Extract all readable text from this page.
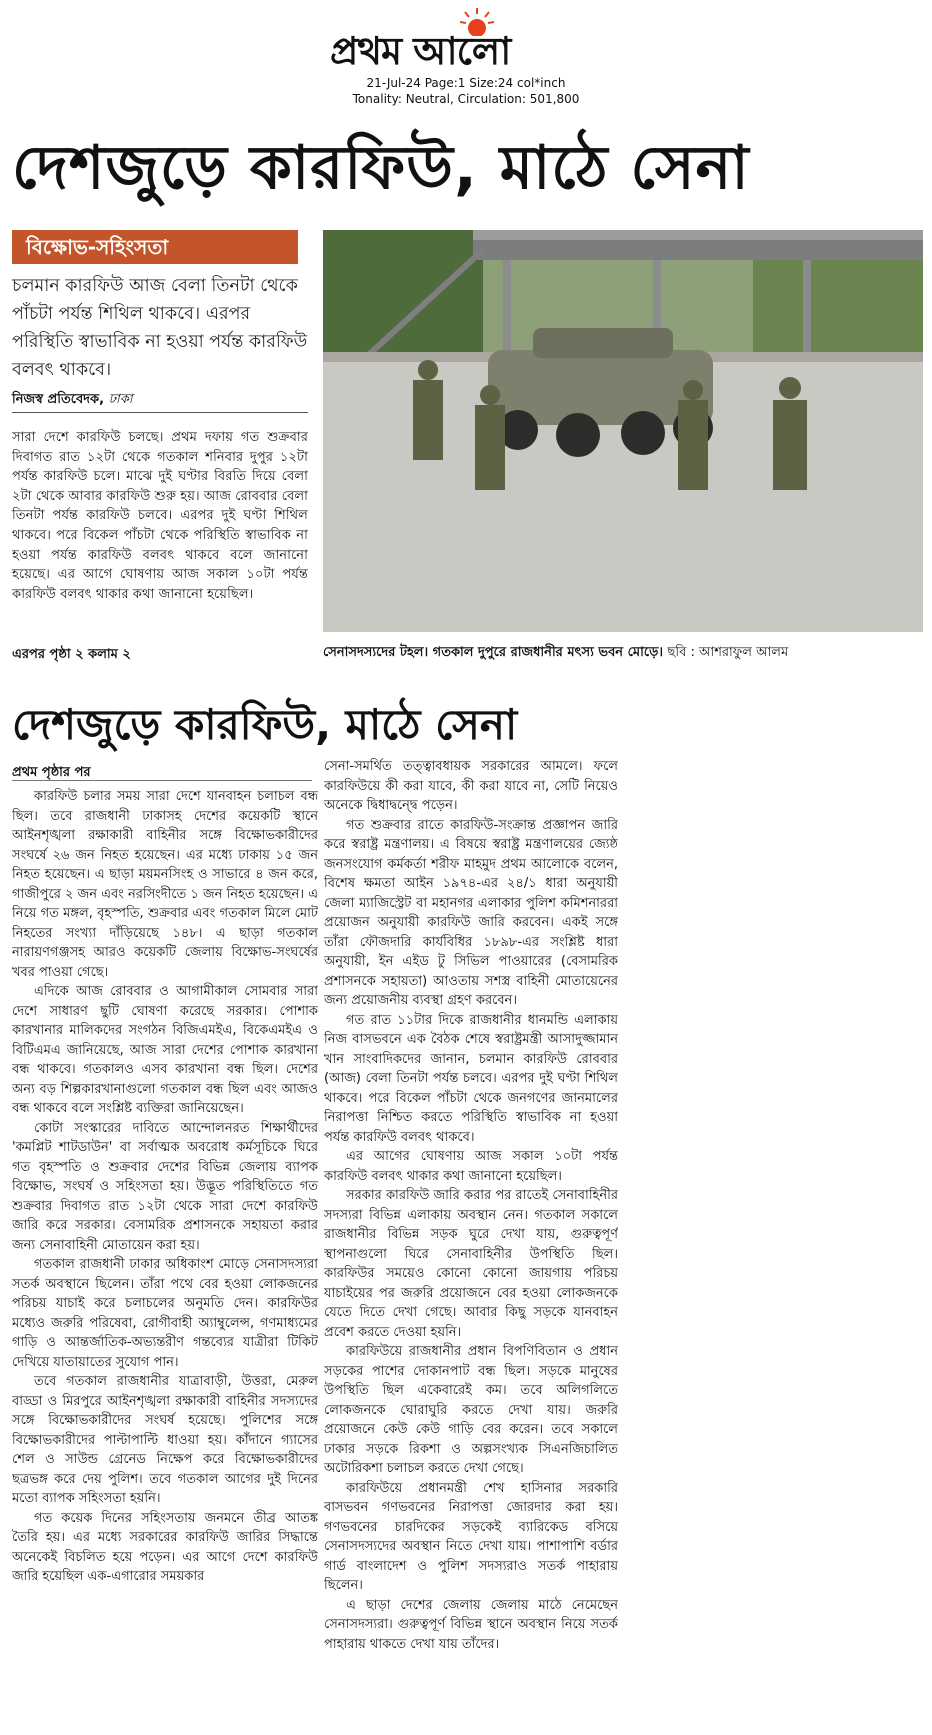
প্রথম আলো
21-Jul-24 Page:1 Size:24 col*inch
Tonality: Neutral, Circulation: 501,800
দেশজুড়ে কারফিউ, মাঠে সেনা
বিক্ষোভ-সহিংসতা
চলমান কারফিউ আজ বেলা তিনটা থেকে পাঁচটা পর্যন্ত শিথিল থাকবে। এরপর পরিস্থিতি স্বাভাবিক না হওয়া পর্যন্ত কারফিউ বলবৎ থাকবে।
নিজস্ব প্রতিবেদক, ঢাকা
সারা দেশে কারফিউ চলছে। প্রথম দফায় গত শুক্রবার দিবাগত রাত ১২টা থেকে গতকাল শনিবার দুপুর ১২টা পর্যন্ত কারফিউ চলে। মাঝে দুই ঘণ্টার বিরতি দিয়ে বেলা ২টা থেকে আবার কারফিউ শুরু হয়। আজ রোববার বেলা তিনটা পর্যন্ত কারফিউ চলবে। এরপর দুই ঘণ্টা শিথিল থাকবে। পরে বিকেল পাঁচটা থেকে পরিস্থিতি স্বাভাবিক না হওয়া পর্যন্ত কারফিউ বলবৎ থাকবে বলে জানানো হয়েছে। এর আগে ঘোষণায় আজ সকাল ১০টা পর্যন্ত কারফিউ বলবৎ থাকার কথা জানানো হয়েছিল।
এরপর পৃষ্ঠা ২ কলাম ২	সেনাসদস্যদের টহল। গতকাল দুপুরে রাজধানীর মৎস্য ভবন মোড়ে। ছবি : আশরাফুল আলম
দেশজুড়ে কারফিউ, মাঠে সেনা
প্রথম পৃষ্ঠার পর

কারফিউ চলার সময় সারা দেশে যানবাহন চলাচল বন্ধ ছিল। তবে রাজধানী ঢাকাসহ দেশের কয়েকটি স্থানে আইনশৃঙ্খলা রক্ষাকারী বাহিনীর সঙ্গে বিক্ষোভকারীদের সংঘর্ষে ২৬ জন নিহত হয়েছেন। এর মধ্যে ঢাকায় ১৫ জন নিহত হয়েছেন। এ ছাড়া ময়মনসিংহ ও সাভারে ৪ জন করে, গাজীপুরে ২ জন এবং নরসিংদীতে ১ জন নিহত হয়েছেন। এ নিয়ে গত মঙ্গল, বৃহস্পতি, শুক্রবার এবং গতকাল মিলে মোট নিহতের সংখ্যা দাঁড়িয়েছে ১৪৮। এ ছাড়া গতকাল নারায়ণগঞ্জসহ আরও কয়েকটি জেলায় বিক্ষোভ-সংঘর্ষের খবর পাওয়া গেছে।

এদিকে আজ রোববার ও আগামীকাল সোমবার সারা দেশে সাধারণ ছুটি ঘোষণা করেছে সরকার। পোশাক কারখানার মালিকদের সংগঠন বিজিএমইএ, বিকেএমইএ ও বিটিএমএ জানিয়েছে, আজ সারা দেশের পোশাক কারখানা বন্ধ থাকবে। গতকালও এসব কারখানা বন্ধ ছিল। দেশের অন্য বড় শিল্পকারখানাগুলো গতকাল বন্ধ ছিল এবং আজও বন্ধ থাকবে বলে সংশ্লিষ্ট ব্যক্তিরা জানিয়েছেন।

কোটা সংস্কারের দাবিতে আন্দোলনরত শিক্ষার্থীদের 'কমপ্লিট শাটডাউন' বা সর্বাত্মক অবরোধ কর্মসূচিকে ঘিরে গত বৃহস্পতি ও শুক্রবার দেশের বিভিন্ন জেলায় ব্যাপক বিক্ষোভ, সংঘর্ষ ও সহিংসতা হয়। উদ্ভূত পরিস্থিতিতে গত শুক্রবার দিবাগত রাত ১২টা থেকে সারা দেশে কারফিউ জারি করে সরকার। বেসামরিক প্রশাসনকে সহায়তা করার জন্য সেনাবাহিনী মোতায়েন করা হয়।

গতকাল রাজধানী ঢাকার অধিকাংশ মোড়ে সেনাসদস্যরা সতর্ক অবস্থানে ছিলেন। তাঁরা পথে বের হওয়া লোকজনের পরিচয় যাচাই করে চলাচলের অনুমতি দেন। কারফিউর মধ্যেও জরুরি পরিষেবা, রোগীবাহী অ্যাম্বুলেন্স, গণমাধ্যমের গাড়ি ও আন্তর্জাতিক-অভ্যন্তরীণ গন্তব্যের যাত্রীরা টিকিট দেখিয়ে যাতায়াতের সুযোগ পান।

তবে গতকাল রাজধানীর যাত্রাবাড়ী, উত্তরা, মেরুল বাড্ডা ও মিরপুরে আইনশৃঙ্খলা রক্ষাকারী বাহিনীর সদস্যদের সঙ্গে বিক্ষোভকারীদের সংঘর্ষ হয়েছে। পুলিশের সঙ্গে বিক্ষোভকারীদের পাল্টাপাল্টি ধাওয়া হয়। কাঁদানে গ্যাসের শেল ও সাউন্ড গ্রেনেড নিক্ষেপ করে বিক্ষোভকারীদের ছত্রভঙ্গ করে দেয় পুলিশ। তবে গতকাল আগের দুই দিনের মতো ব্যাপক সহিংসতা হয়নি।

গত কয়েক দিনের সহিংসতায় জনমনে তীব্র আতঙ্ক তৈরি হয়। এর মধ্যে সরকারের কারফিউ জারির সিদ্ধান্তে অনেকেই বিচলিত হয়ে পড়েন। এর আগে দেশে কারফিউ জারি হয়েছিল এক-এগারোর সময়কার

সেনা-সমর্থিত তত্ত্বাবধায়ক সরকারের আমলে। ফলে কারফিউয়ে কী করা যাবে, কী করা যাবে না, সেটি নিয়েও অনেকে দ্বিধাদ্বন্দ্বে পড়েন।

গত শুক্রবার রাতে কারফিউ-সংক্রান্ত প্রজ্ঞাপন জারি করে স্বরাষ্ট্র মন্ত্রণালয়। এ বিষয়ে স্বরাষ্ট্র মন্ত্রণালয়ের জ্যেষ্ঠ জনসংযোগ কর্মকর্তা শরীফ মাহমুদ প্রথম আলোকে বলেন, বিশেষ ক্ষমতা আইন ১৯৭৪-এর ২৪/১ ধারা অনুযায়ী জেলা ম্যাজিস্ট্রেট বা মহানগর এলাকার পুলিশ কমিশনাররা প্রয়োজন অনুযায়ী কারফিউ জারি করবেন। একই সঙ্গে তাঁরা ফৌজদারি কার্যবিধির ১৮৯৮-এর সংশ্লিষ্ট ধারা অনুযায়ী, ইন এইড টু সিভিল পাওয়ারের (বেসামরিক প্রশাসনকে সহায়তা) আওতায় সশস্ত্র বাহিনী মোতায়েনের জন্য প্রয়োজনীয় ব্যবস্থা গ্রহণ করবেন।

গত রাত ১১টার দিকে রাজধানীর ধানমন্ডি এলাকায় নিজ বাসভবনে এক বৈঠক শেষে স্বরাষ্ট্রমন্ত্রী আসাদুজ্জামান খান সাংবাদিকদের জানান, চলমান কারফিউ রোববার (আজ) বেলা তিনটা পর্যন্ত চলবে। এরপর দুই ঘণ্টা শিথিল থাকবে। পরে বিকেল পাঁচটা থেকে জনগণের জানমালের নিরাপত্তা নিশ্চিত করতে পরিস্থিতি স্বাভাবিক না হওয়া পর্যন্ত কারফিউ বলবৎ থাকবে।

এর আগের ঘোষণায় আজ সকাল ১০টা পর্যন্ত কারফিউ বলবৎ থাকার কথা জানানো হয়েছিল।

সরকার কারফিউ জারি করার পর রাতেই সেনাবাহিনীর সদস্যরা বিভিন্ন এলাকায় অবস্থান নেন। গতকাল সকালে রাজধানীর বিভিন্ন সড়ক ঘুরে দেখা যায়, গুরুত্বপূর্ণ স্থাপনাগুলো ঘিরে সেনাবাহিনীর উপস্থিতি ছিল। কারফিউর সময়েও কোনো কোনো জায়গায় পরিচয় যাচাইয়ের পর জরুরি প্রয়োজনে বের হওয়া লোকজনকে যেতে দিতে দেখা গেছে। আবার কিছু সড়কে যানবাহন প্রবেশ করতে দেওয়া হয়নি।

কারফিউয়ে রাজধানীর প্রধান বিপণিবিতান ও প্রধান সড়কের পাশের দোকানপাট বন্ধ ছিল। সড়কে মানুষের উপস্থিতি ছিল একেবারেই কম। তবে অলিগলিতে লোকজনকে ঘোরাঘুরি করতে দেখা যায়। জরুরি প্রয়োজনে কেউ কেউ গাড়ি বের করেন। তবে সকালে ঢাকার সড়কে রিকশা ও অল্পসংখ্যক সিএনজিচালিত অটোরিকশা চলাচল করতে দেখা গেছে।

কারফিউয়ে প্রধানমন্ত্রী শেখ হাসিনার সরকারি বাসভবন গণভবনের নিরাপত্তা জোরদার করা হয়। গণভবনের চারদিকের সড়কেই ব্যারিকেড বসিয়ে সেনাসদস্যদের অবস্থান নিতে দেখা যায়। পাশাপাশি বর্ডার গার্ড বাংলাদেশ ও পুলিশ সদস্যরাও সতর্ক পাহারায় ছিলেন।

এ ছাড়া দেশের জেলায় জেলায় মাঠে নেমেছেন সেনাসদস্যরা। গুরুত্বপূর্ণ বিভিন্ন স্থানে অবস্থান নিয়ে সতর্ক পাহারায় থাকতে দেখা যায় তাঁদের।
